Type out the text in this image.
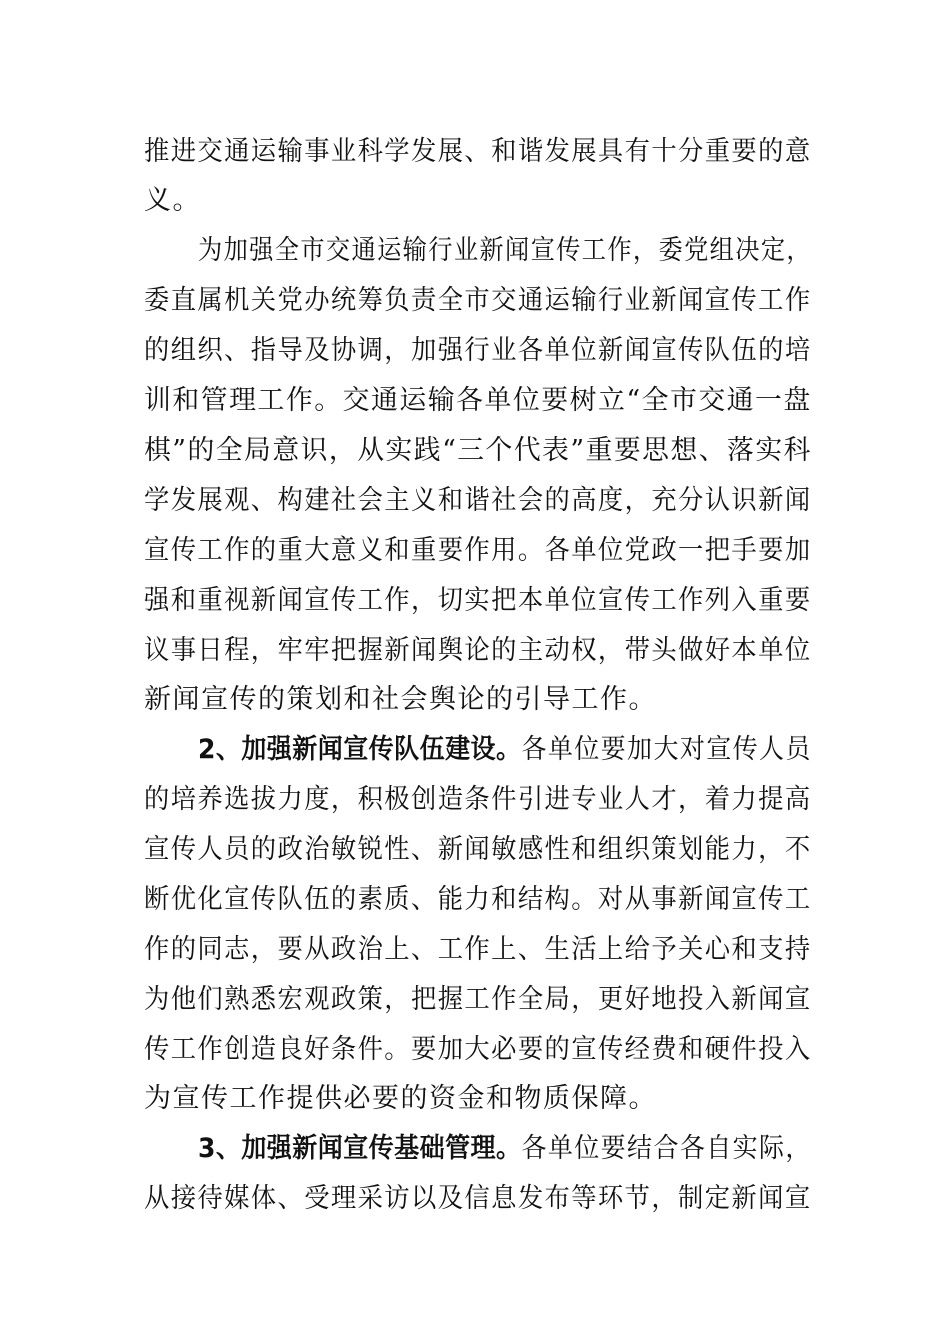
推进交通运输事业科学发展、和谐发展具有十分重要的意
义。
为加强全市交通运输行业新闻宣传工作，委党组决定，
委直属机关党办统筹负责全市交通运输行业新闻宣传工作
的组织、指导及协调，加强行业各单位新闻宣传队伍的培
训和管理工作。交通运输各单位要树立“全市交通一盘
棋”的全局意识，从实践“三个代表”重要思想、落实科
学发展观、构建社会主义和谐社会的高度，充分认识新闻
宣传工作的重大意义和重要作用。各单位党政一把手要加
强和重视新闻宣传工作，切实把本单位宣传工作列入重要
议事日程，牢牢把握新闻舆论的主动权，带头做好本单位
新闻宣传的策划和社会舆论的引导工作。
2、加强新闻宣传队伍建设。各单位要加大对宣传人员
的培养选拔力度，积极创造条件引进专业人才，着力提高
宣传人员的政治敏锐性、新闻敏感性和组织策划能力，不
断优化宣传队伍的素质、能力和结构。对从事新闻宣传工
作的同志，要从政治上、工作上、生活上给予关心和支持
为他们熟悉宏观政策，把握工作全局，更好地投入新闻宣
传工作创造良好条件。要加大必要的宣传经费和硬件投入
为宣传工作提供必要的资金和物质保障。
3、加强新闻宣传基础管理。各单位要结合各自实际，
从接待媒体、受理采访以及信息发布等环节，制定新闻宣
